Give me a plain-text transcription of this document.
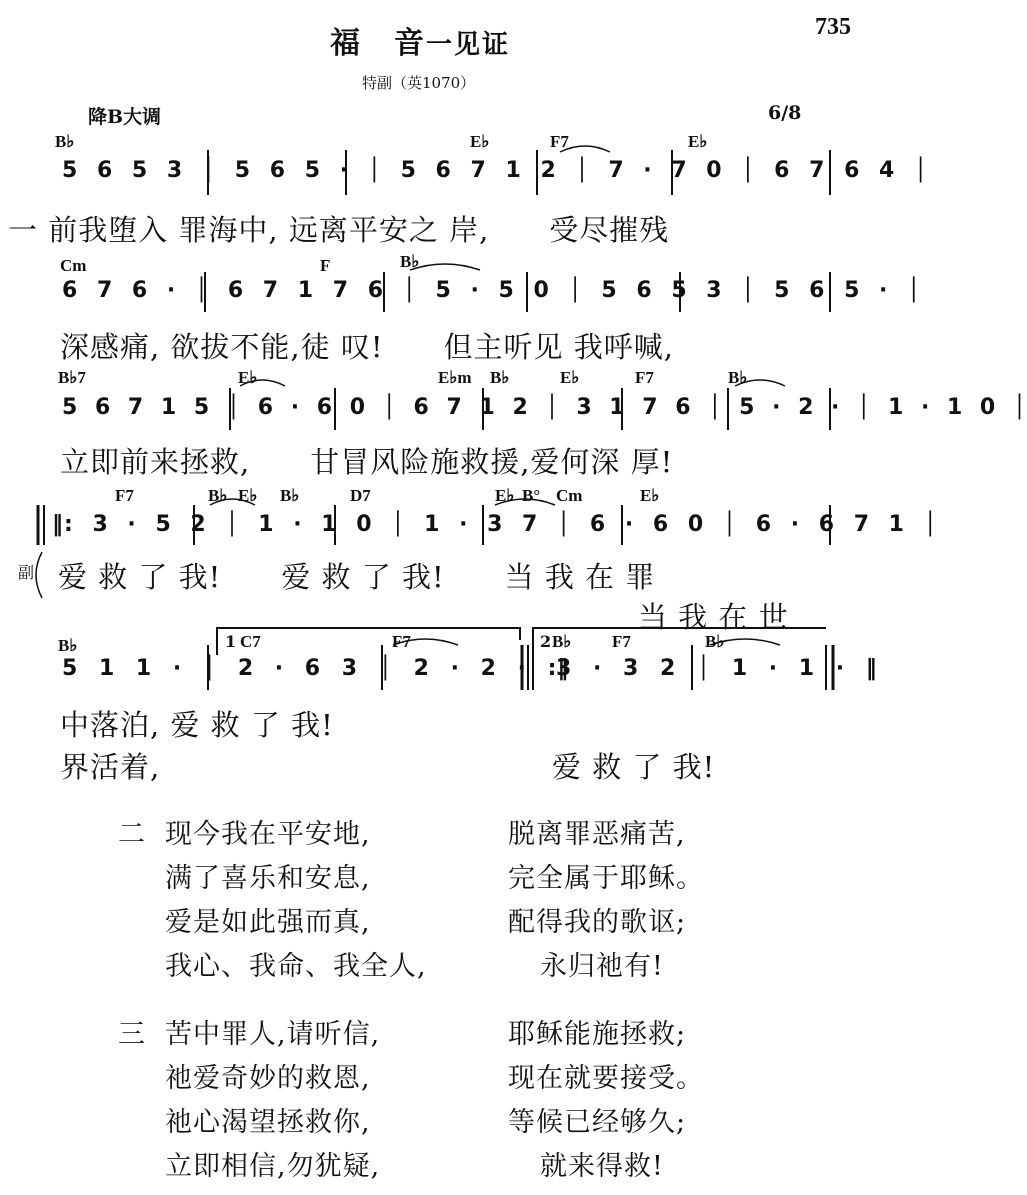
福　音一见证
735
特副（英1070）
降B大调	6/8
B♭	E♭	F7	E♭
5 6 5 3 │ 5 6 5 · │ 5 6 7 1 2 │ 7 · 7 0 │ 6 7 6 4 │
一 前我堕入 罪海中, 远离平安之 岸,　　受尽摧残
Cm	F	B♭
6 7 6 · │ 6 7 1 7 6 │ 5 · 5 0 │ 5 6 5 3 │ 5 6 5 · │
深感痛, 欲拔不能,徒 叹!　　但主听见 我呼喊,
B♭7	E♭	E♭m B♭	E♭	F7	B♭
5 6 7 1 5 │ 6 · 6 0 │ 6 7 1 2 │ 3 1 7 6 │ 5 · 2 · │ 1 · 1 0 │
立即前来拯救,　　甘冒风险施救援,爱何深 厚!
F7	B♭ E♭ B♭	D7	E♭ B° Cm	E♭
‖: 3 · 5 2 │ 1 · 1 0 │ 1 · 3 7 │ 6 · 6 0 │ 6 · 6 7 1 │
副 爱 救 了 我!　　爱 救 了 我!　　当 我 在 罪
当 我 在 世
B♭	1 C7	F7	2 B♭ F7	B♭
5 1 1 · │ 2 · 6 3 │ 2 · 2 · :‖
3 · 3 2 │ 1 · 1 · ‖
中落泊, 爱 救 了 我!
界活着,	爱 救 了 我!
二 现今我在平安地,	脱离罪恶痛苦,
满了喜乐和安息,	完全属于耶稣。
爱是如此强而真,	配得我的歌讴;
我心、我命、我全人,	永归祂有!
三 苦中罪人,请听信,	耶稣能施拯救;
祂爱奇妙的救恩,	现在就要接受。
祂心渴望拯救你,	等候已经够久;
立即相信,勿犹疑,	就来得救!
